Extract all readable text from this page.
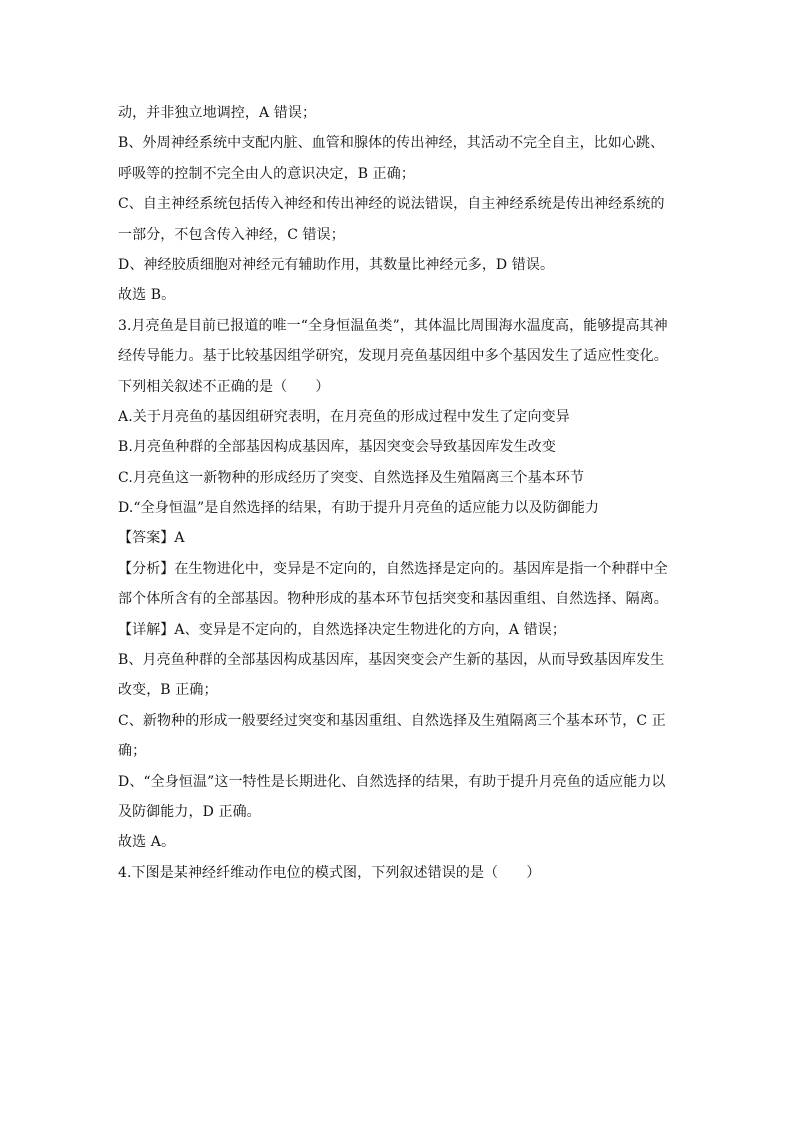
动，并非独立地调控，A 错误；
B、外周神经系统中支配内脏、血管和腺体的传出神经，其活动不完全自主，比如心跳、
呼吸等的控制不完全由人的意识决定，B 正确；
C、自主神经系统包括传入神经和传出神经的说法错误，自主神经系统是传出神经系统的
一部分，不包含传入神经，C 错误；
D、神经胶质细胞对神经元有辅助作用，其数量比神经元多，D 错误。
故选 B。
3.月亮鱼是目前已报道的唯一“全身恒温鱼类”，其体温比周围海水温度高，能够提高其神
经传导能力。基于比较基因组学研究，发现月亮鱼基因组中多个基因发生了适应性变化。
下列相关叙述不正确的是（　　）
A.关于月亮鱼的基因组研究表明，在月亮鱼的形成过程中发生了定向变异
B.月亮鱼种群的全部基因构成基因库，基因突变会导致基因库发生改变
C.月亮鱼这一新物种的形成经历了突变、自然选择及生殖隔离三个基本环节
D.“全身恒温”是自然选择的结果，有助于提升月亮鱼的适应能力以及防御能力
【答案】A
【分析】在生物进化中，变异是不定向的，自然选择是定向的。基因库是指一个种群中全
部个体所含有的全部基因。物种形成的基本环节包括突变和基因重组、自然选择、隔离。
【详解】A、变异是不定向的，自然选择决定生物进化的方向，A 错误；
B、月亮鱼种群的全部基因构成基因库，基因突变会产生新的基因，从而导致基因库发生
改变，B 正确；
C、新物种的形成一般要经过突变和基因重组、自然选择及生殖隔离三个基本环节，C 正
确；
D、“全身恒温”这一特性是长期进化、自然选择的结果，有助于提升月亮鱼的适应能力以
及防御能力，D 正确。
故选 A。
4.下图是某神经纤维动作电位的模式图，下列叙述错误的是（　　）
